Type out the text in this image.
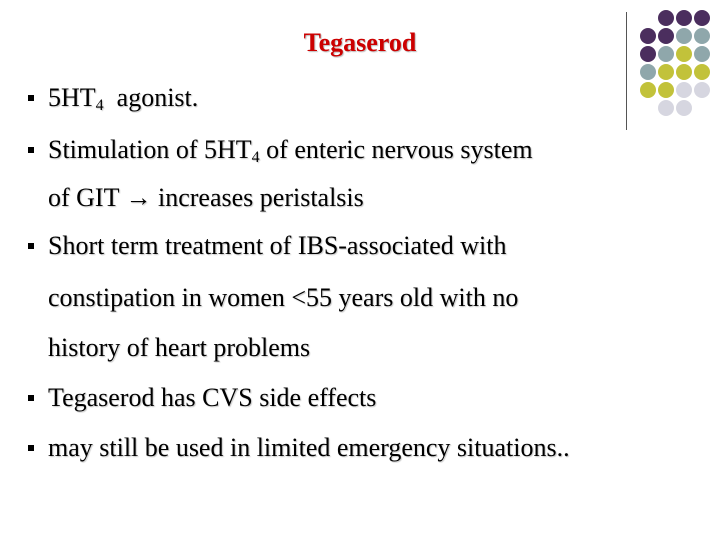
Tegaserod
$5HT_4$  agonist.
Stimulation of $5HT_4$ of enteric nervous system
of GIT → increases peristalsis
Short term treatment of IBS-associated with
constipation in women <55 years old with no
history of heart problems
Tegaserod has CVS side effects
may still be used in limited emergency situations..
